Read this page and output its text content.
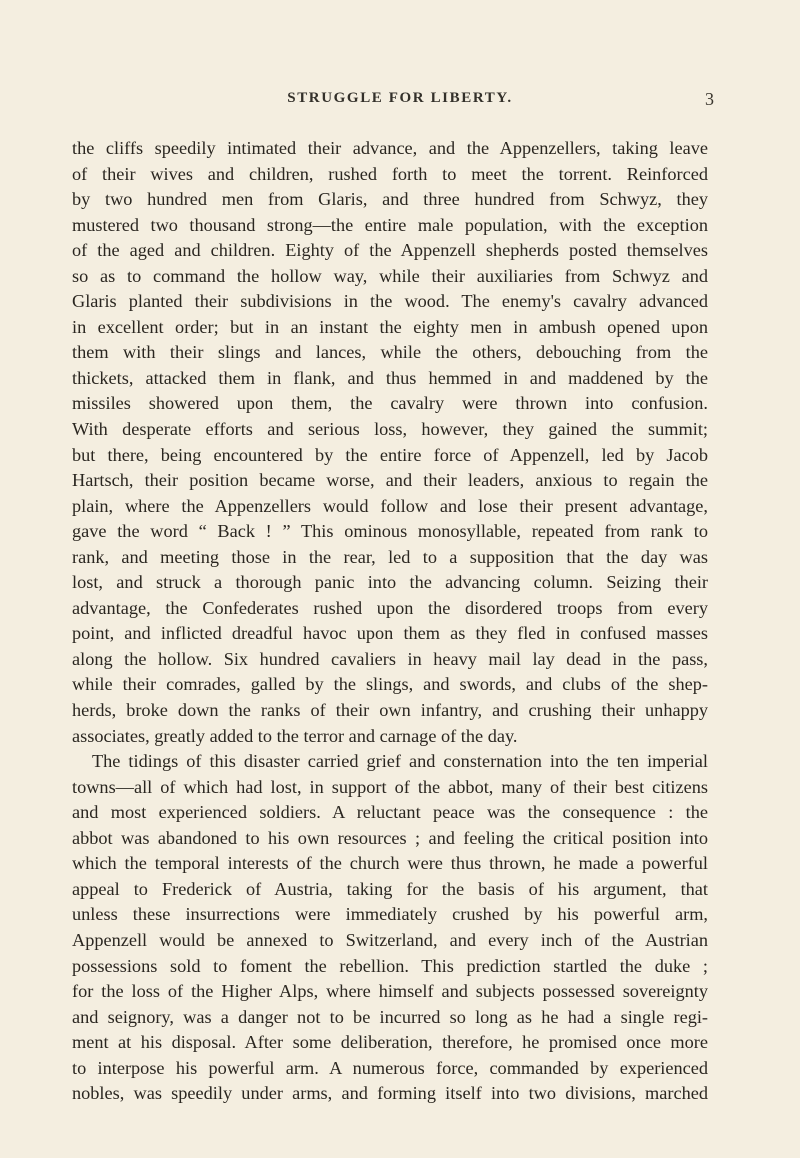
STRUGGLE FOR LIBERTY.	3
the cliffs speedily intimated their advance, and the Appenzellers, taking leave
of their wives and children, rushed forth to meet the torrent. Reinforced
by two hundred men from Glaris, and three hundred from Schwyz, they
mustered two thousand strong—the entire male population, with the exception
of the aged and children. Eighty of the Appenzell shepherds posted themselves
so as to command the hollow way, while their auxiliaries from Schwyz and
Glaris planted their subdivisions in the wood. The enemy's cavalry advanced
in excellent order; but in an instant the eighty men in ambush opened upon
them with their slings and lances, while the others, debouching from the
thickets, attacked them in flank, and thus hemmed in and maddened by the
missiles showered upon them, the cavalry were thrown into confusion.
With desperate efforts and serious loss, however, they gained the summit;
but there, being encountered by the entire force of Appenzell, led by Jacob
Hartsch, their position became worse, and their leaders, anxious to regain the
plain, where the Appenzellers would follow and lose their present advantage,
gave the word “ Back ! ” This ominous monosyllable, repeated from rank to
rank, and meeting those in the rear, led to a supposition that the day was
lost, and struck a thorough panic into the advancing column. Seizing their
advantage, the Confederates rushed upon the disordered troops from every
point, and inflicted dreadful havoc upon them as they fled in confused masses
along the hollow. Six hundred cavaliers in heavy mail lay dead in the pass,
while their comrades, galled by the slings, and swords, and clubs of the shep-
herds, broke down the ranks of their own infantry, and crushing their unhappy
associates, greatly added to the terror and carnage of the day.
The tidings of this disaster carried grief and consternation into the ten imperial
towns—all of which had lost, in support of the abbot, many of their best citizens
and most experienced soldiers. A reluctant peace was the consequence : the
abbot was abandoned to his own resources ; and feeling the critical position into
which the temporal interests of the church were thus thrown, he made a powerful
appeal to Frederick of Austria, taking for the basis of his argument, that
unless these insurrections were immediately crushed by his powerful arm,
Appenzell would be annexed to Switzerland, and every inch of the Austrian
possessions sold to foment the rebellion. This prediction startled the duke ;
for the loss of the Higher Alps, where himself and subjects possessed sovereignty
and seignory, was a danger not to be incurred so long as he had a single regi-
ment at his disposal. After some deliberation, therefore, he promised once more
to interpose his powerful arm. A numerous force, commanded by experienced
nobles, was speedily under arms, and forming itself into two divisions, marched
